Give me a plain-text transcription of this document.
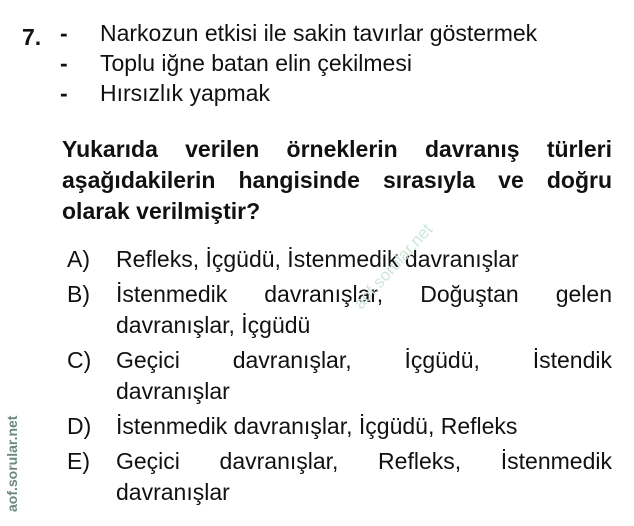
7. -	Narkozun etkisi ile sakin tavırlar göstermek
-	Toplu iğne batan elin çekilmesi
-	Hırsızlık yapmak
Yukarıda verilen örneklerin davranış türleri aşağıdakilerin hangisinde sırasıyla ve doğru olarak verilmiştir?
A)	Refleks, İçgüdü, İstenmedik davranışlar
B)	İstenmedik davranışlar, Doğuştan gelen
davranışlar, İçgüdü
C)	Geçici davranışlar, İçgüdü, İstendik
davranışlar
D)	İstenmedik davranışlar, İçgüdü, Refleks
E)	Geçici davranışlar, Refleks, İstenmedik
davranışlar
aof.sorular.net
aof.sorular.net
